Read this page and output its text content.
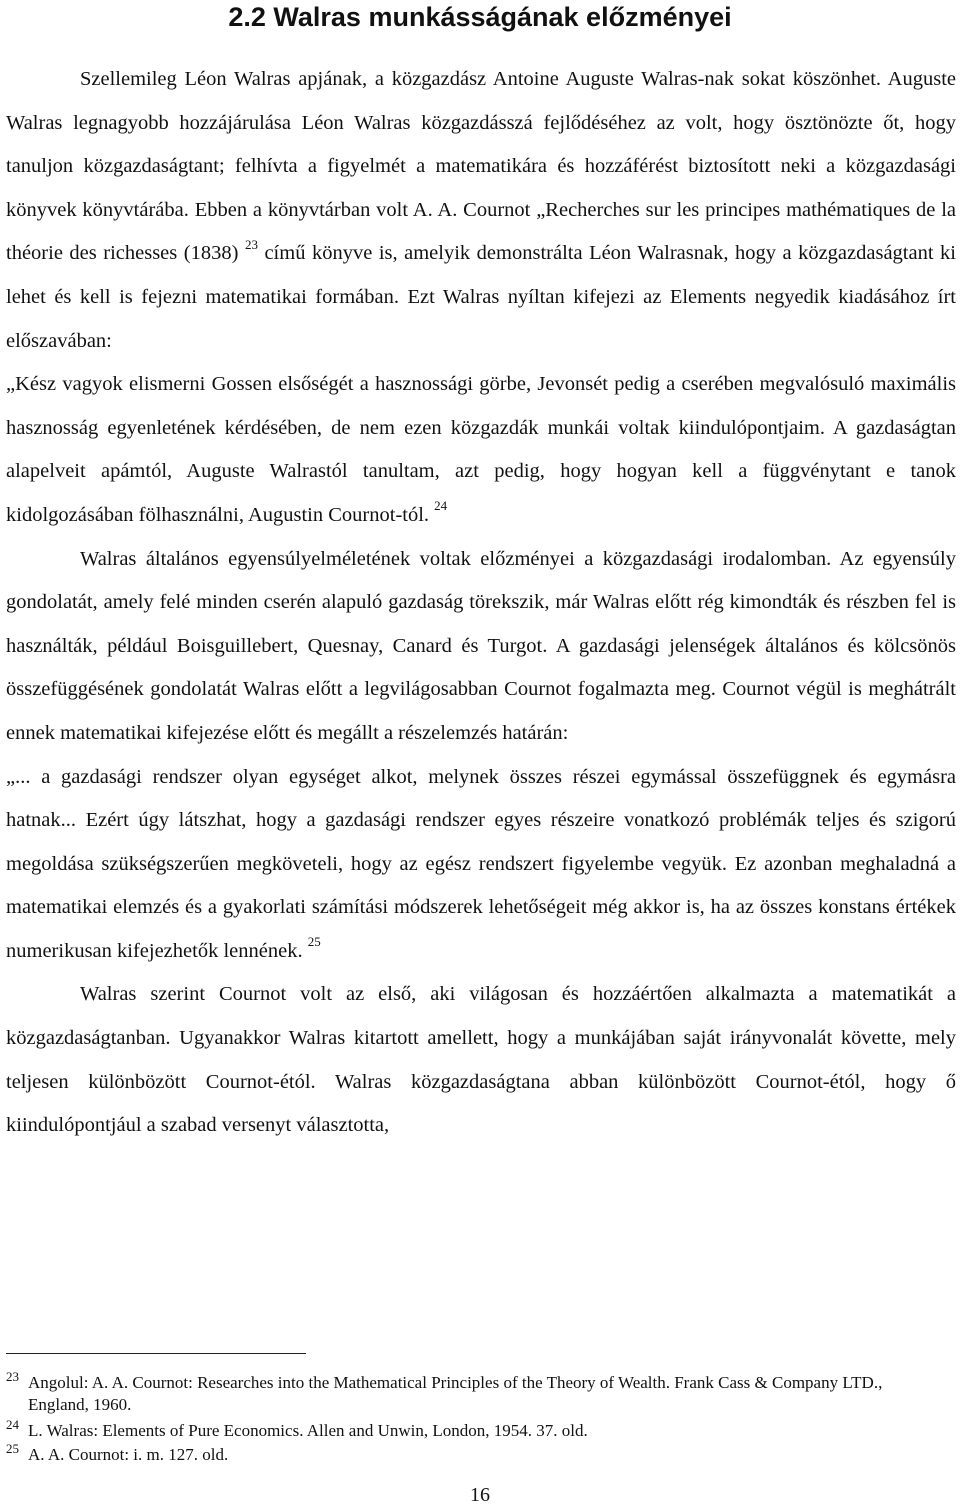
2.2 Walras munkásságának előzményei

Szellemileg Léon Walras apjának, a közgazdász Antoine Auguste Walras-nak sokat köszönhet. Auguste Walras legnagyobb hozzájárulása Léon Walras közgazdásszá fejlődéséhez az volt, hogy ösztönözte őt, hogy tanuljon közgazdaságtant; felhívta a figyelmét a matematikára és hozzáférést biztosított neki a közgazdasági könyvek könyvtárába. Ebben a könyvtárban volt A. A. Cournot „Recherches sur les principes mathématiques de la théorie des richesses (1838) $^{23}$ című könyve is, amelyik demonstrálta Léon Walrasnak, hogy a közgazdaságtant ki lehet és kell is fejezni matematikai formában. Ezt Walras nyíltan kifejezi az Elements negyedik kiadásához írt előszavában:

„Kész vagyok elismerni Gossen elsőségét a hasznossági görbe, Jevonsét pedig a cserében megvalósuló maximális hasznosság egyenletének kérdésében, de nem ezen közgazdák munkái voltak kiindulópontjaim. A gazdaságtan alapelveit apámtól, Auguste Walrastól tanultam, azt pedig, hogy hogyan kell a függvénytant e tanok kidolgozásában fölhasználni, Augustin Cournot-tól. $^{24}$

Walras általános egyensúlyelméletének voltak előzményei a közgazdasági irodalomban. Az egyensúly gondolatát, amely felé minden cserén alapuló gazdaság törekszik, már Walras előtt rég kimondták és részben fel is használták, például Boisguillebert, Quesnay, Canard és Turgot. A gazdasági jelenségek általános és kölcsönös összefüggésének gondolatát Walras előtt a legvilágosabban Cournot fogalmazta meg. Cournot végül is meghátrált ennek matematikai kifejezése előtt és megállt a részelemzés határán:

„... a gazdasági rendszer olyan egységet alkot, melynek összes részei egymással összefüggnek és egymásra hatnak... Ezért úgy látszhat, hogy a gazdasági rendszer egyes részeire vonatkozó problémák teljes és szigorú megoldása szükségszerűen megköveteli, hogy az egész rendszert figyelembe vegyük. Ez azonban meghaladná a matematikai elemzés és a gyakorlati számítási módszerek lehetőségeit még akkor is, ha az összes konstans értékek numerikusan kifejezhetők lennének. $^{25}$

Walras szerint Cournot volt az első, aki világosan és hozzáértően alkalmazta a matematikát a közgazdaságtanban. Ugyanakkor Walras kitartott amellett, hogy a munkájában saját irányvonalát követte, mely teljesen különbözött Cournot-étól. Walras közgazdaságtana abban különbözött Cournot-étól, hogy ő kiindulópontjául a szabad versenyt választotta,

23 Angolul: A. A. Cournot: Researches into the Mathematical Principles of the Theory of Wealth. Frank Cass & Company LTD., England, 1960.
24 L. Walras: Elements of Pure Economics. Allen and Unwin, London, 1954. 37. old.
25 A. A. Cournot: i. m. 127. old.
16
